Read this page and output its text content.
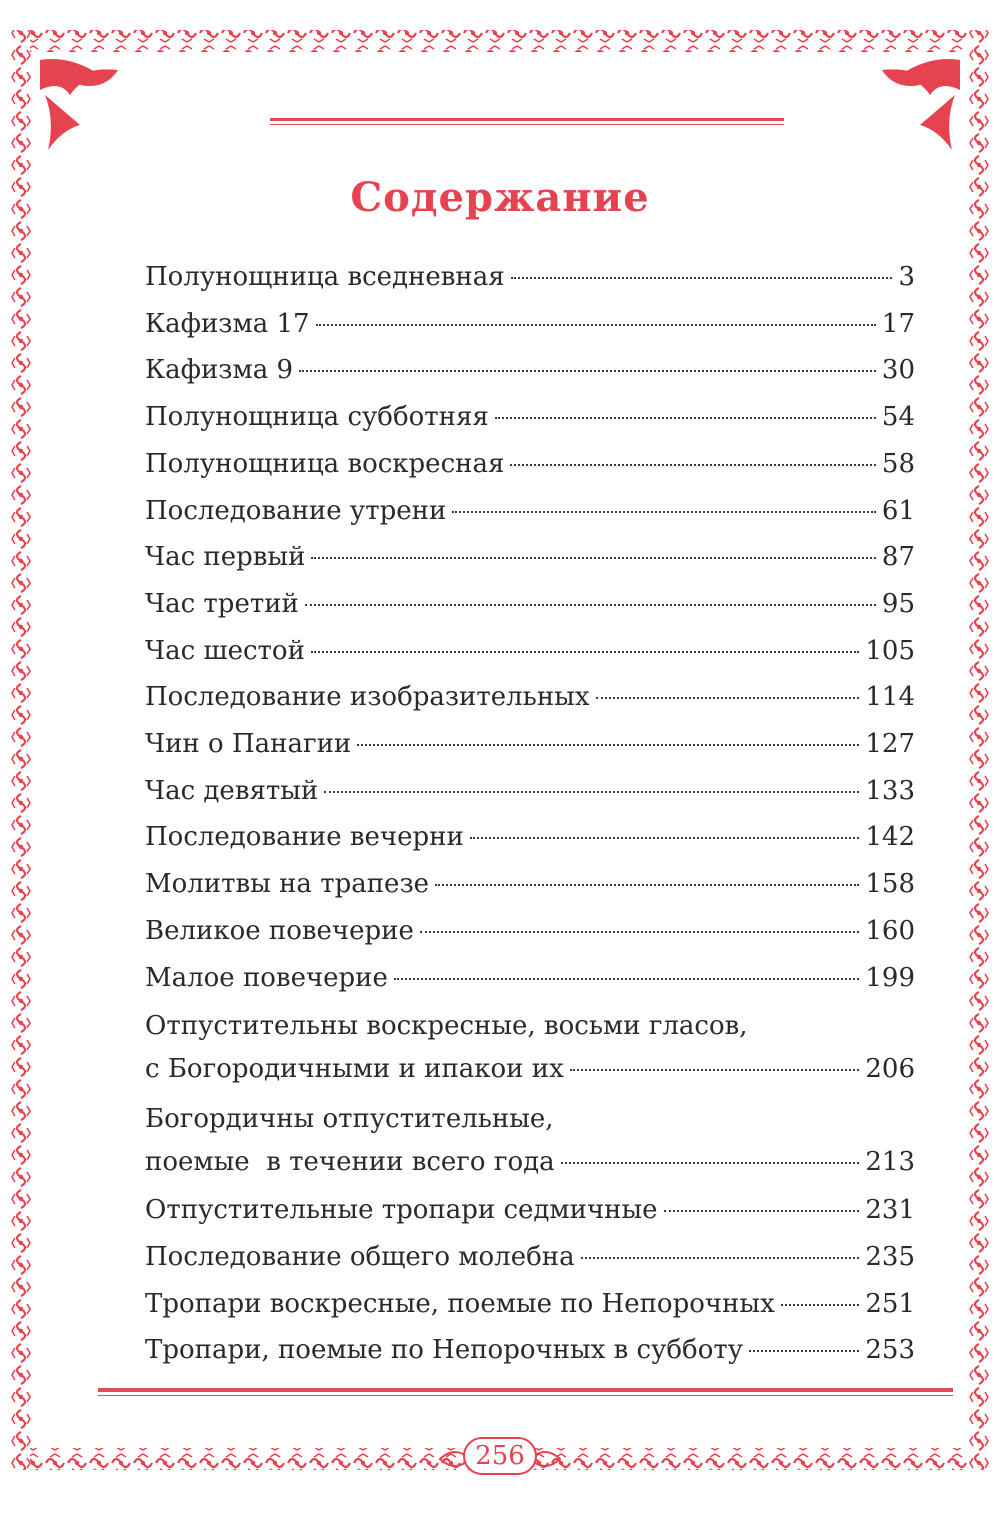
Содержание
Полунощница вседневная	3
Кафизма 17	17
Кафизма 9	30
Полунощница субботняя	54
Полунощница воскресная	58
Последование утрени	61
Час первый	87
Час третий	95
Час шестой	105
Последование изобразительных	114
Чин о Панагии	127
Час девятый	133
Последование вечерни	142
Молитвы на трапезе	158
Великое повечерие	160
Малое повечерие	199
Отпустительны воскресные, восьми гласов,
с Богородичными и ипакои их	206
Богордичны отпустительные,
поемые  в течении всего года	213
Отпустительные тропари седмичные	231
Последование общего молебна	235
Тропари воскресные, поемые по Непорочных	251
Тропари, поемые по Непорочных в субботу	253
256
